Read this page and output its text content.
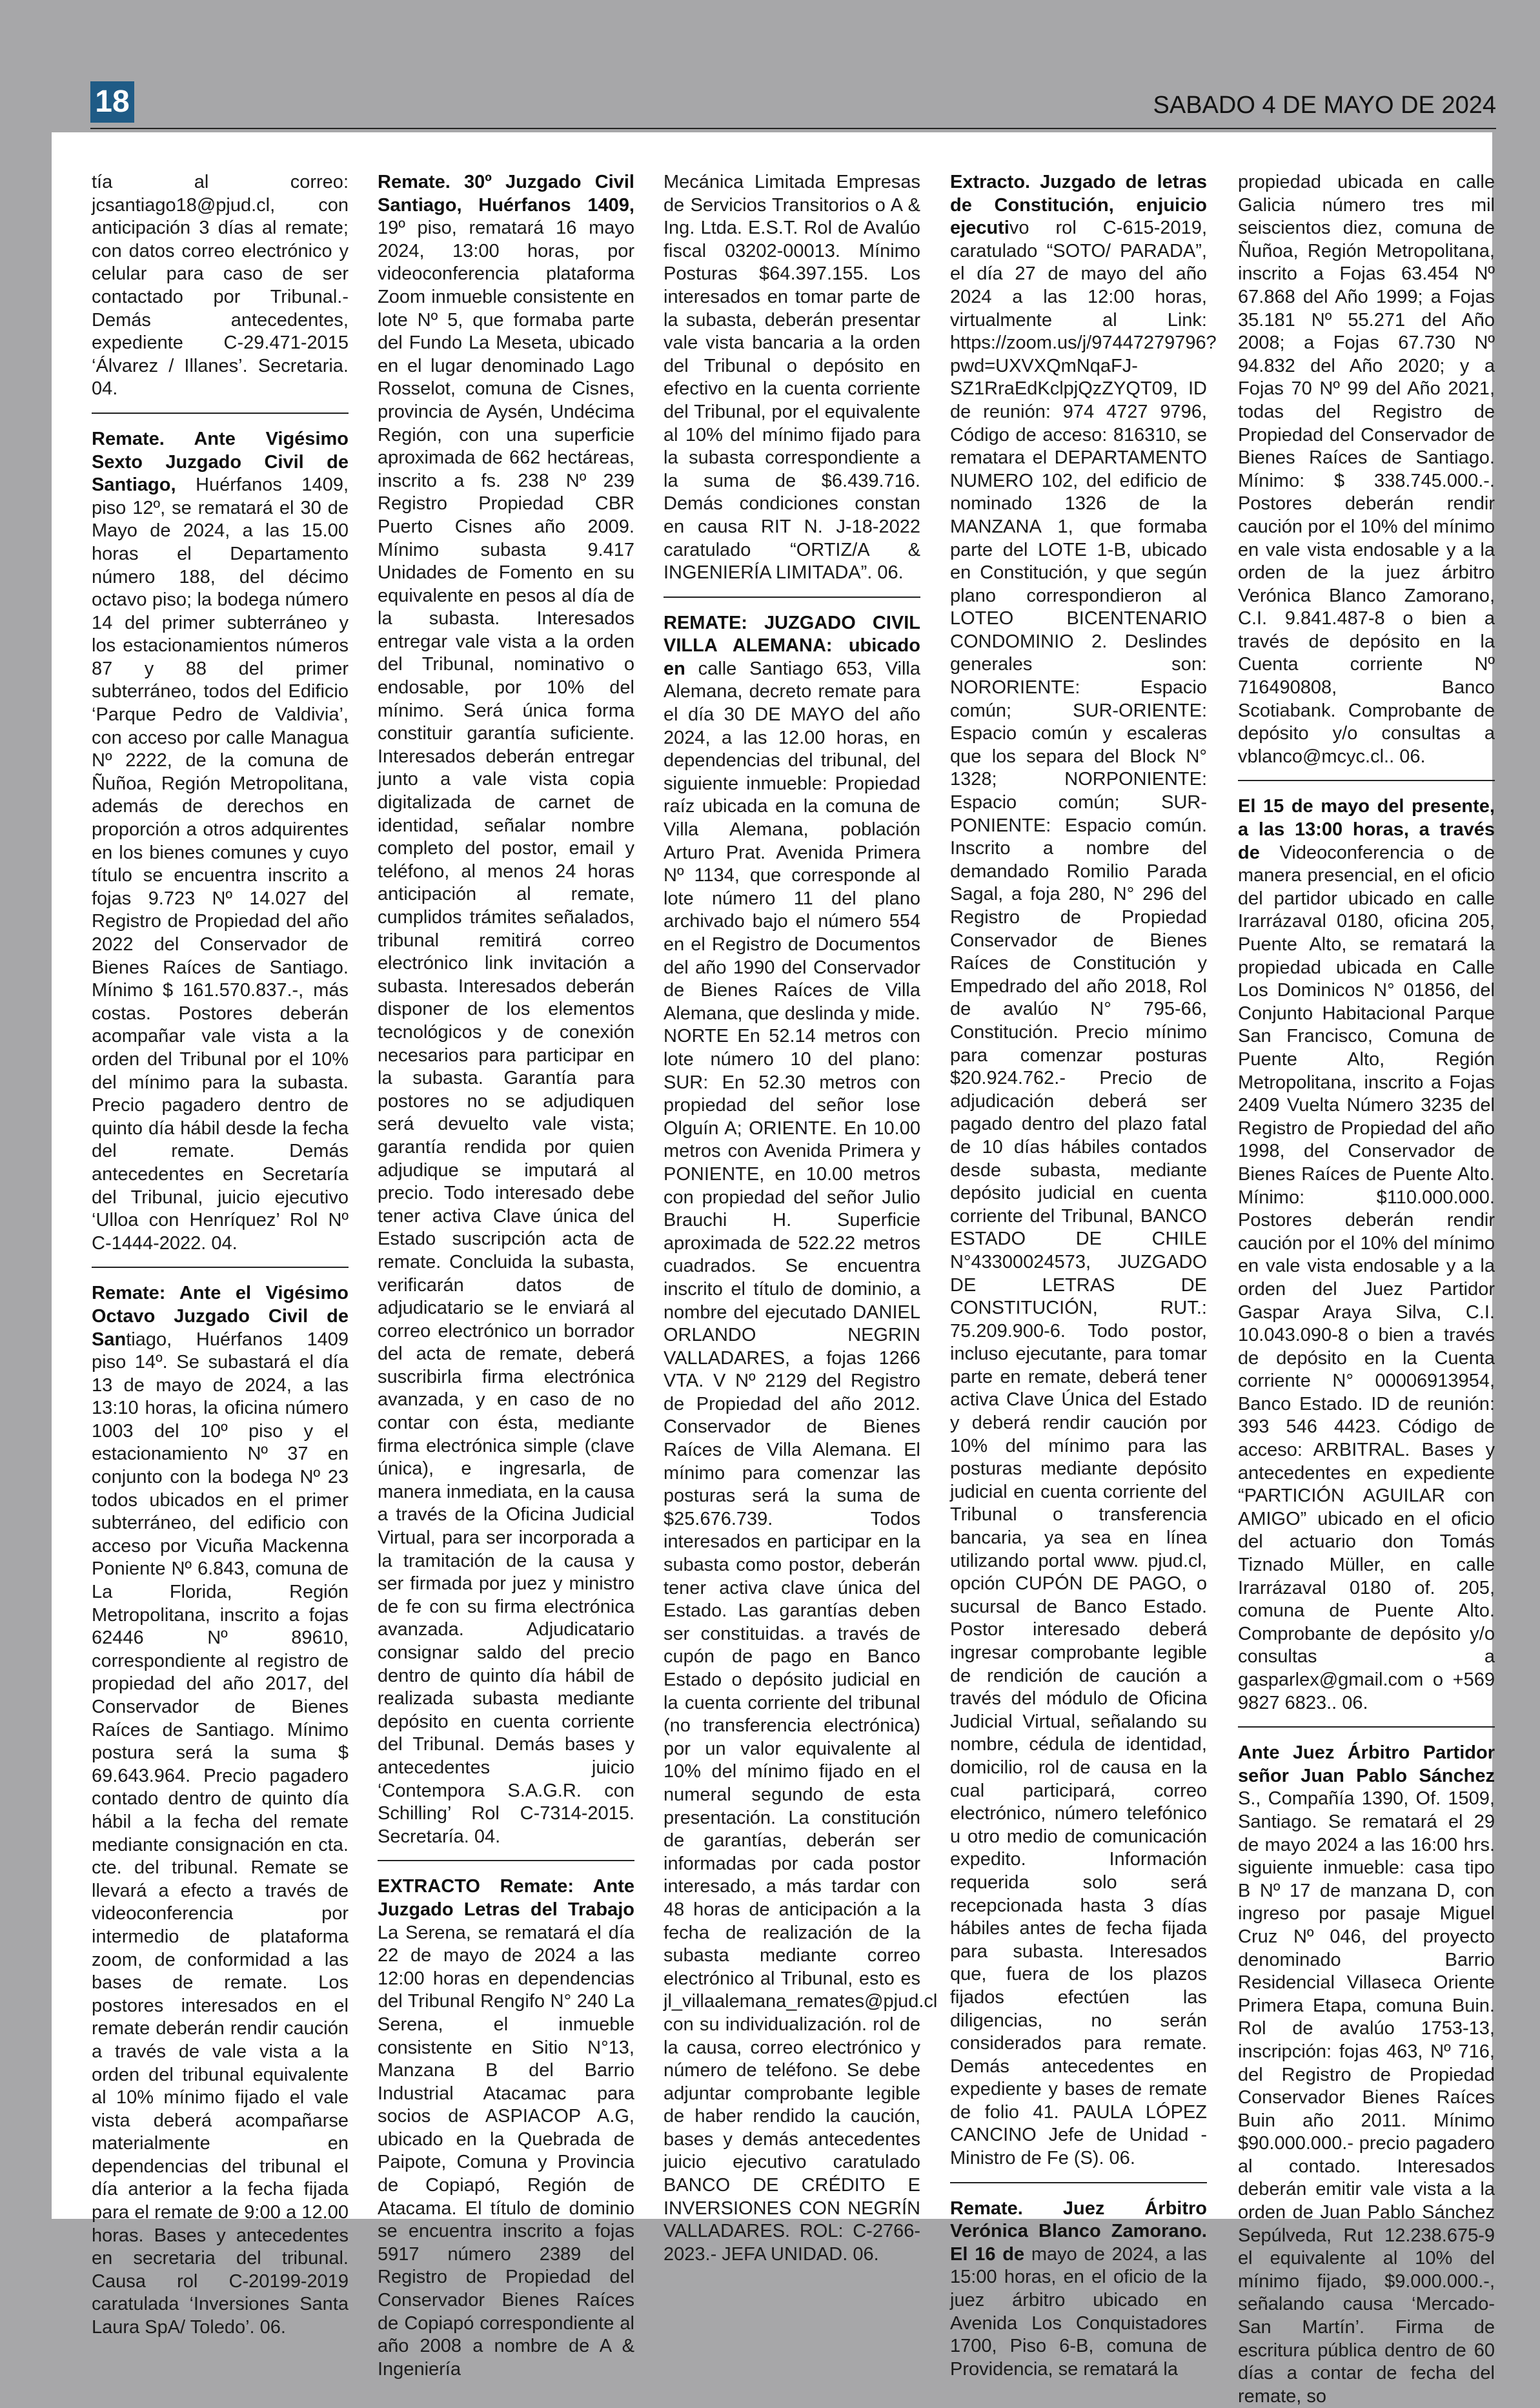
18	SABADO 4 DE MAYO DE 2024

tía al correo: jcsantiago18@pjud.cl, con anticipación 3 días al remate; con datos correo electrónico y celular para caso de ser contactado por Tribunal.- Demás antecedentes, expediente C-29.471-2015 ‘Álvarez / Illanes’. Secretaria. 04.

Remate. Ante Vigésimo Sexto Juzgado Civil de Santiago, Huérfanos 1409, piso 12º, se rematará el 30 de Mayo de 2024, a las 15.00 horas el Departamento número 188, del décimo octavo piso; la bodega número 14 del primer subterráneo y los estacionamientos números 87 y 88 del primer subterráneo, todos del Edificio ‘Parque Pedro de Valdivia’, con acceso por calle Managua Nº 2222, de la comuna de Ñuñoa, Región Metropolitana, además de derechos en proporción a otros adquirentes en los bienes comunes y cuyo título se encuentra inscrito a fojas 9.723 Nº 14.027 del Registro de Propiedad del año 2022 del Conservador de Bienes Raíces de Santiago. Mínimo $ 161.570.837.-, más costas. Postores deberán acompañar vale vista a la orden del Tribunal por el 10% del mínimo para la subasta. Precio pagadero dentro de quinto día hábil desde la fecha del remate. Demás antecedentes en Secretaría del Tribunal, juicio ejecutivo ‘Ulloa con Henríquez’ Rol Nº C-1444-2022. 04.

Remate: Ante el Vigésimo Octavo Juzgado Civil de Santiago, Huérfanos 1409 piso 14º. Se subastará el día 13 de mayo de 2024, a las 13:10 horas, la oficina número 1003 del 10º piso y el estacionamiento Nº 37 en conjunto con la bodega Nº 23 todos ubicados en el primer subterráneo, del edificio con acceso por Vicuña Mackenna Poniente Nº 6.843, comuna de La Florida, Región Metropolitana, inscrito a fojas 62446 Nº 89610, correspondiente al registro de propiedad del año 2017, del Conservador de Bienes Raíces de Santiago. Mínimo postura será la suma $ 69.643.964. Precio pagadero contado dentro de quinto día hábil a la fecha del remate mediante consignación en cta. cte. del tribunal. Remate se llevará a efecto a través de videoconferencia por intermedio de plataforma zoom, de conformidad a las bases de remate. Los postores interesados en el remate deberán rendir caución a través de vale vista a la orden del tribunal equivalente al 10% mínimo fijado el vale vista deberá acompañarse materialmente en dependencias del tribunal el día anterior a la fecha fijada para el remate de 9:00 a 12.00 horas. Bases y antecedentes en secretaria del tribunal. Causa rol C-20199-2019 caratulada ‘Inversiones Santa Laura SpA/ Toledo’. 06.

Remate. 30º Juzgado Civil Santiago, Huérfanos 1409, 19º piso, rematará 16 mayo 2024, 13:00 horas, por videoconferencia plataforma Zoom inmueble consistente en lote Nº 5, que formaba parte del Fundo La Meseta, ubicado en el lugar denominado Lago Rosselot, comuna de Cisnes, provincia de Aysén, Undécima Región, con una superficie aproximada de 662 hectáreas, inscrito a fs. 238 Nº 239 Registro Propiedad CBR Puerto Cisnes año 2009. Mínimo subasta 9.417 Unidades de Fomento en su equivalente en pesos al día de la subasta. Interesados entregar vale vista a la orden del Tribunal, nominativo o endosable, por 10% del mínimo. Será única forma constituir garantía suficiente. Interesados deberán entregar junto a vale vista copia digitalizada de carnet de identidad, señalar nombre completo del postor, email y teléfono, al menos 24 horas anticipación al remate, cumplidos trámites señalados, tribunal remitirá correo electrónico link invitación a subasta. Interesados deberán disponer de los elementos tecnológicos y de conexión necesarios para participar en la subasta. Garantía para postores no se adjudiquen será devuelto vale vista; garantía rendida por quien adjudique se imputará al precio. Todo interesado debe tener activa Clave única del Estado suscripción acta de remate. Concluida la subasta, verificarán datos de adjudicatario se le enviará al correo electrónico un borrador del acta de remate, deberá suscribirla firma electrónica avanzada, y en caso de no contar con ésta, mediante firma electrónica simple (clave única), e ingresarla, de manera inmediata, en la causa a través de la Oficina Judicial Virtual, para ser incorporada a la tramitación de la causa y ser firmada por juez y ministro de fe con su firma electrónica avanzada. Adjudicatario consignar saldo del precio dentro de quinto día hábil de realizada subasta mediante depósito en cuenta corriente del Tribunal. Demás bases y antecedentes juicio ‘Contempora S.A.G.R. con Schilling’ Rol C-7314-2015. Secretaría. 04.

EXTRACTO Remate: Ante Juzgado Letras del Trabajo La Serena, se rematará el día 22 de mayo de 2024 a las 12:00 horas en dependencias del Tribunal Rengifo N° 240 La Serena, el inmueble consistente en Sitio N°13, Manzana B del Barrio Industrial Atacamac para socios de ASPIACOP A.G, ubicado en la Quebrada de Paipote, Comuna y Provincia de Copiapó, Región de Atacama. El título de dominio se encuentra inscrito a fojas 5917 número 2389 del Registro de Propiedad del Conservador Bienes Raíces de Copiapó correspondiente al año 2008 a nombre de A & Ingeniería

Mecánica Limitada Empresas de Servicios Transitorios o A & Ing. Ltda. E.S.T. Rol de Avalúo fiscal 03202-00013. Mínimo Posturas $64.397.155. Los interesados en tomar parte de la subasta, deberán presentar vale vista bancaria a la orden del Tribunal o depósito en efectivo en la cuenta corriente del Tribunal, por el equivalente al 10% del mínimo fijado para la subasta correspondiente a la suma de $6.439.716. Demás condiciones constan en causa RIT N. J-18-2022 caratulado “ORTIZ/A & INGENIERÍA LIMITADA”. 06.

REMATE: JUZGADO CIVIL VILLA ALEMANA: ubicado en calle Santiago 653, Villa Alemana, decreto remate para el día 30 DE MAYO del año 2024, a las 12.00 horas, en dependencias del tribunal, del siguiente inmueble: Propiedad raíz ubicada en la comuna de Villa Alemana, población Arturo Prat. Avenida Primera Nº 1134, que corresponde al lote número 11 del plano archivado bajo el número 554 en el Registro de Documentos del año 1990 del Conservador de Bienes Raíces de Villa Alemana, que deslinda y mide. NORTE En 52.14 metros con lote número 10 del plano: SUR: En 52.30 metros con propiedad del señor lose Olguín A; ORIENTE. En 10.00 metros con Avenida Primera y PONIENTE, en 10.00 metros con propiedad del señor Julio Brauchi H. Superficie aproximada de 522.22 metros cuadrados. Se encuentra inscrito el título de dominio, a nombre del ejecutado DANIEL ORLANDO NEGRIN VALLADARES, a fojas 1266 VTA. V Nº 2129 del Registro de Propiedad del año 2012. Conservador de Bienes Raíces de Villa Alemana. El mínimo para comenzar las posturas será la suma de $25.676.739. Todos interesados en participar en la subasta como postor, deberán tener activa clave única del Estado. Las garantías deben ser constituidas. a través de cupón de pago en Banco Estado o depósito judicial en la cuenta corriente del tribunal (no transferencia electrónica) por un valor equivalente al 10% del mínimo fijado en el numeral segundo de esta presentación. La constitución de garantías, deberán ser informadas por cada postor interesado, a más tardar con 48 horas de anticipación a la fecha de realización de la subasta mediante correo electrónico al Tribunal, esto es jl_villaalemana_remates@pjud.cl con su individualización. rol de la causa, correo electrónico y número de teléfono. Se debe adjuntar comprobante legible de haber rendido la caución, bases y demás antecedentes juicio ejecutivo caratulado BANCO DE CRÉDITO E INVERSIONES CON NEGRÍN VALLADARES. ROL: C-2766-2023.- JEFA UNIDAD. 06.

Extracto. Juzgado de letras de Constitución, enjuicio ejecutivo rol C-615-2019, caratulado “SOTO/ PARADA”, el día 27 de mayo del año 2024 a las 12:00 horas, virtualmente al Link: https://zoom.us/j/97447279796?pwd=UXVXQmNqaFJ-SZ1RraEdKclpjQzZYQT09, ID de reunión: 974 4727 9796, Código de acceso: 816310, se rematara el DEPARTAMENTO NUMERO 102, del edificio de nominado 1326 de la MANZANA 1, que formaba parte del LOTE 1-B, ubicado en Constitución, y que según plano correspondieron al LOTEO BICENTENARIO CONDOMINIO 2. Deslindes generales son: NORORIENTE: Espacio común; SUR-ORIENTE: Espacio común y escaleras que los separa del Block N° 1328; NORPONIENTE: Espacio común; SUR-PONIENTE: Espacio común. Inscrito a nombre del demandado Romilio Parada Sagal, a foja 280, N° 296 del Registro de Propiedad Conservador de Bienes Raíces de Constitución y Empedrado del año 2018, Rol de avalúo N° 795-66, Constitución. Precio mínimo para comenzar posturas $20.924.762.- Precio de adjudicación deberá ser pagado dentro del plazo fatal de 10 días hábiles contados desde subasta, mediante depósito judicial en cuenta corriente del Tribunal, BANCO ESTADO DE CHILE N°43300024573, JUZGADO DE LETRAS DE CONSTITUCIÓN, RUT.: 75.209.900-6. Todo postor, incluso ejecutante, para tomar parte en remate, deberá tener activa Clave Única del Estado y deberá rendir caución por 10% del mínimo para las posturas mediante depósito judicial en cuenta corriente del Tribunal o transferencia bancaria, ya sea en línea utilizando portal www. pjud.cl, opción CUPÓN DE PAGO, o sucursal de Banco Estado. Postor interesado deberá ingresar comprobante legible de rendición de caución a través del módulo de Oficina Judicial Virtual, señalando su nombre, cédula de identidad, domicilio, rol de causa en la cual participará, correo electrónico, número telefónico u otro medio de comunicación expedito. Información requerida solo será recepcionada hasta 3 días hábiles antes de fecha fijada para subasta. Interesados que, fuera de los plazos fijados efectúen las diligencias, no serán considerados para remate. Demás antecedentes en expediente y bases de remate de folio 41. PAULA LÓPEZ CANCINO Jefe de Unidad - Ministro de Fe (S). 06.

Remate. Juez Árbitro Verónica Blanco Zamorano. El 16 de mayo de 2024, a las 15:00 horas, en el oficio de la juez árbitro ubicado en Avenida Los Conquistadores 1700, Piso 6-B, comuna de Providencia, se rematará la

propiedad ubicada en calle Galicia número tres mil seiscientos diez, comuna de Ñuñoa, Región Metropolitana, inscrito a Fojas 63.454 Nº 67.868 del Año 1999; a Fojas 35.181 Nº 55.271 del Año 2008; a Fojas 67.730 Nº 94.832 del Año 2020; y a Fojas 70 Nº 99 del Año 2021, todas del Registro de Propiedad del Conservador de Bienes Raíces de Santiago. Mínimo: $ 338.745.000.-. Postores deberán rendir caución por el 10% del mínimo en vale vista endosable y a la orden de la juez árbitro Verónica Blanco Zamorano, C.I. 9.841.487-8 o bien a través de depósito en la Cuenta corriente Nº 716490808, Banco Scotiabank. Comprobante de depósito y/o consultas a vblanco@mcyc.cl.. 06.

El 15 de mayo del presente, a las 13:00 horas, a través de Videoconferencia o de manera presencial, en el oficio del partidor ubicado en calle Irarrázaval 0180, oficina 205, Puente Alto, se rematará la propiedad ubicada en Calle Los Dominicos N° 01856, del Conjunto Habitacional Parque San Francisco, Comuna de Puente Alto, Región Metropolitana, inscrito a Fojas 2409 Vuelta Número 3235 del Registro de Propiedad del año 1998, del Conservador de Bienes Raíces de Puente Alto. Mínimo: $110.000.000. Postores deberán rendir caución por el 10% del mínimo en vale vista endosable y a la orden del Juez Partidor Gaspar Araya Silva, C.I. 10.043.090-8 o bien a través de depósito en la Cuenta corriente N° 00006913954, Banco Estado. ID de reunión: 393 546 4423. Código de acceso: ARBITRAL. Bases y antecedentes en expediente “PARTICIÓN AGUILAR con AMIGO” ubicado en el oficio del actuario don Tomás Tiznado Müller, en calle Irarrázaval 0180 of. 205, comuna de Puente Alto. Comprobante de depósito y/o consultas a gasparlex@gmail.com o +569 9827 6823.. 06.

Ante Juez Árbitro Partidor señor Juan Pablo Sánchez S., Compañía 1390, Of. 1509, Santiago. Se rematará el 29 de mayo 2024 a las 16:00 hrs. siguiente inmueble: casa tipo B Nº 17 de manzana D, con ingreso por pasaje Miguel Cruz Nº 046, del proyecto denominado Barrio Residencial Villaseca Oriente Primera Etapa, comuna Buin. Rol de avalúo 1753-13, inscripción: fojas 463, Nº 716, del Registro de Propiedad Conservador Bienes Raíces Buin año 2011. Mínimo $90.000.000.- precio pagadero al contado. Interesados deberán emitir vale vista a la orden de Juan Pablo Sánchez Sepúlveda, Rut 12.238.675-9 el equivalente al 10% del mínimo fijado, $9.000.000.-, señalando causa ‘Mercado-San Martín’. Firma de escritura pública dentro de 60 días a contar de fecha del remate, so
